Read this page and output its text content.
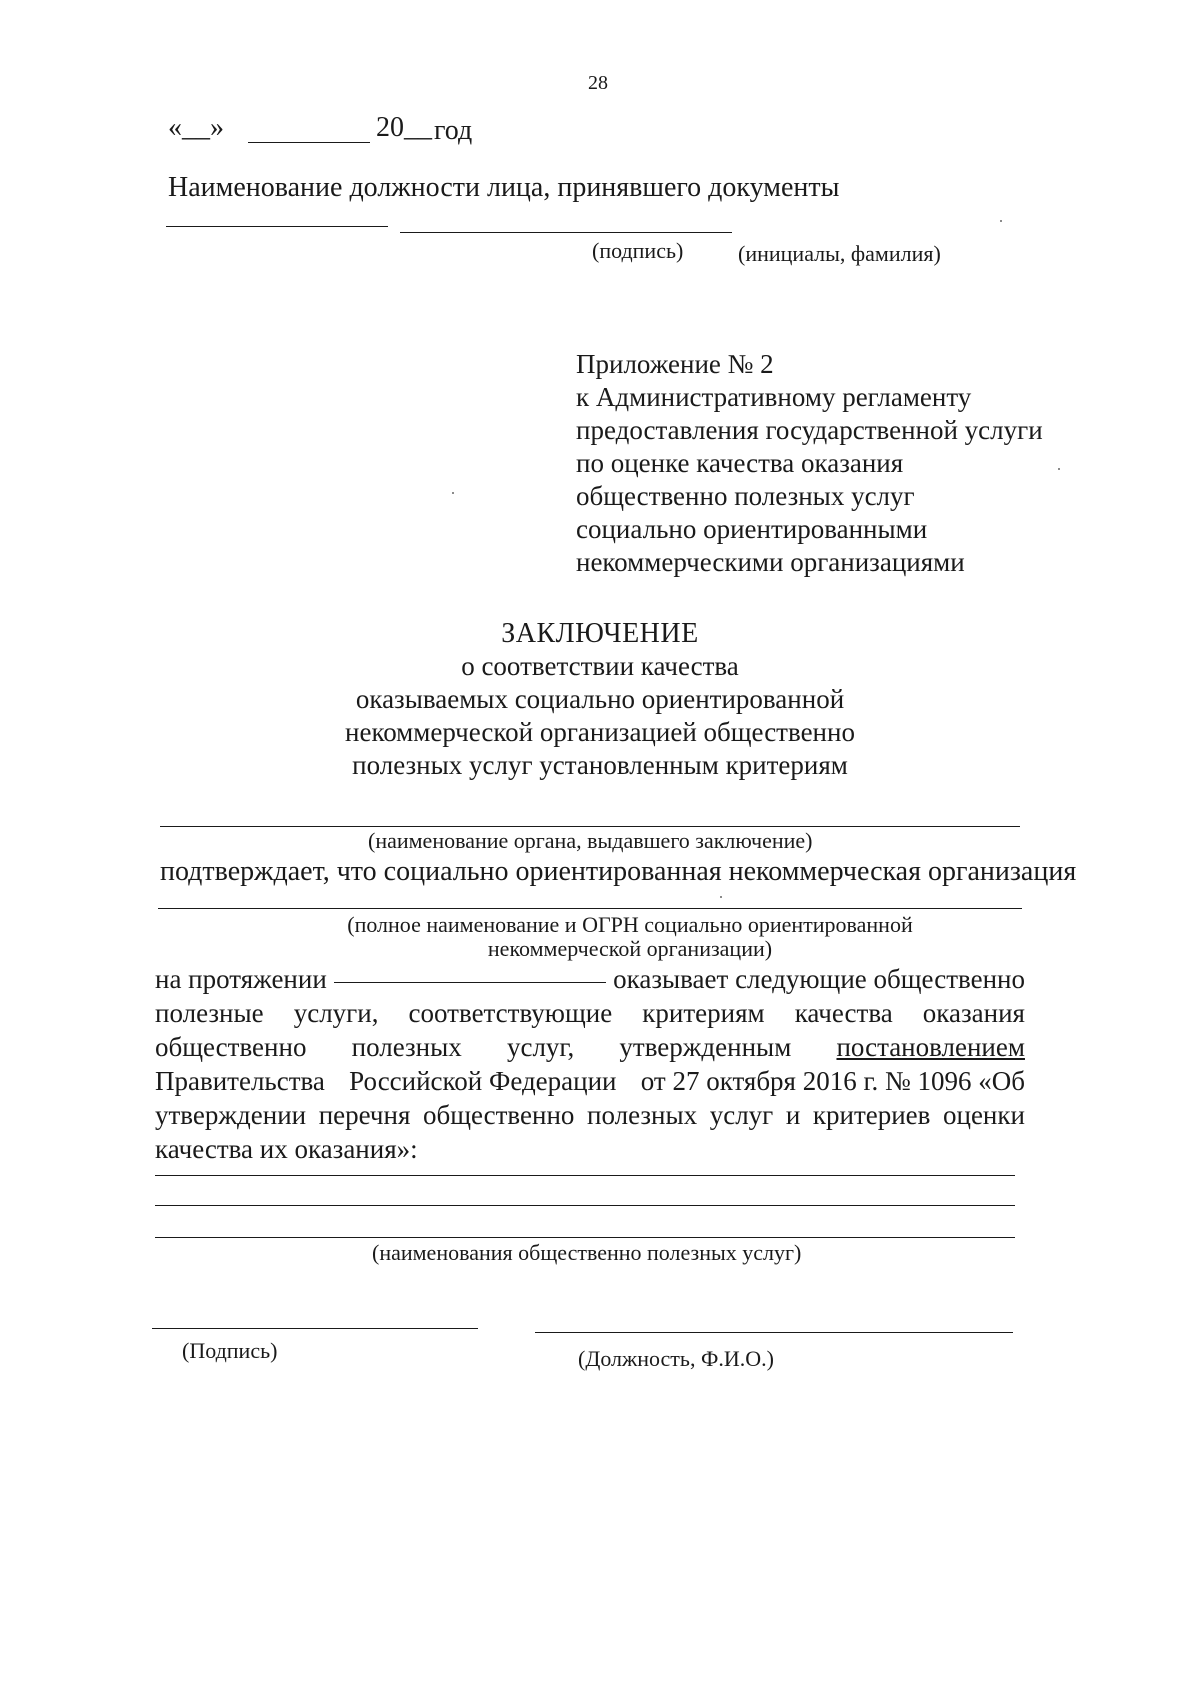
28
«__»	20__ год
Наименование должности лица, принявшего документы
(подпись) (инициалы, фамилия)
Приложение № 2
к Административному регламенту
предоставления государственной услуги
по оценке качества оказания
общественно полезных услуг
социально ориентированными
некоммерческими организациями
ЗАКЛЮЧЕНИЕ
о соответствии качества
оказываемых социально ориентированной
некоммерческой организацией общественно
полезных услуг установленным критериям
(наименование органа, выдавшего заключение)
подтверждает, что социально ориентированная некоммерческая организация
(полное наименование и ОГРН социально ориентированной
некоммерческой организации)
на протяжении	оказывает следующие общественно
полезные услуги, соответствующие критериям качества оказания
общественно полезных услуг, утвержденным постановлением
Правительства Российской Федерации от 27 октября 2016 г. № 1096 «Об
утверждении перечня общественно полезных услуг и критериев оценки
качества их оказания»:
(наименования общественно полезных услуг)
(Подпись)	(Должность, Ф.И.О.)
